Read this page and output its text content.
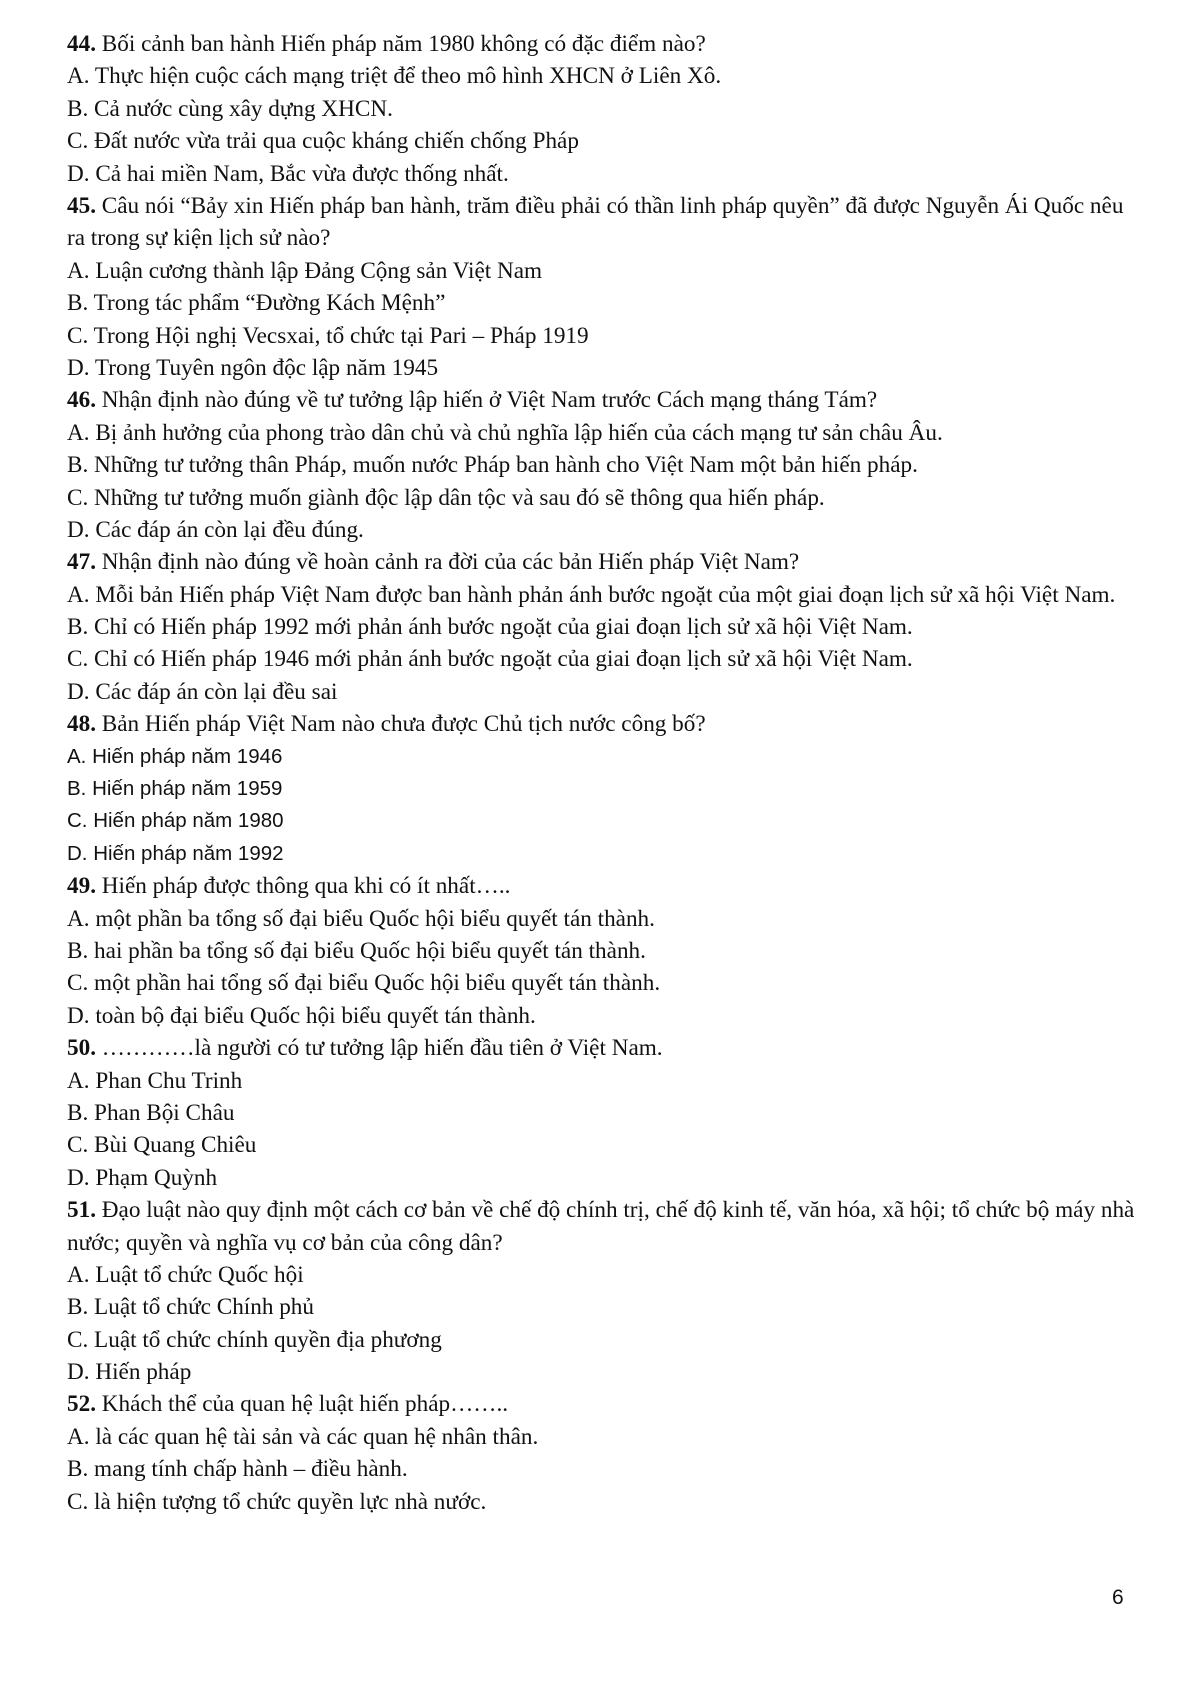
44. Bối cảnh ban hành Hiến pháp năm 1980 không có đặc điểm nào?
A. Thực hiện cuộc cách mạng triệt để theo mô hình XHCN ở Liên Xô.
B. Cả nước cùng xây dựng XHCN.
C. Đất nước vừa trải qua cuộc kháng chiến chống Pháp
D. Cả hai miền Nam, Bắc vừa được thống nhất.
45. Câu nói “Bảy xin Hiến pháp ban hành, trăm điều phải có thần linh pháp quyền” đã được Nguyễn Ái Quốc nêu ra trong sự kiện lịch sử nào?
A. Luận cương thành lập Đảng Cộng sản Việt Nam
B. Trong tác phẩm “Đường Kách Mệnh”
C. Trong Hội nghị Vecsxai, tổ chức tại Pari – Pháp 1919
D. Trong Tuyên ngôn độc lập năm 1945
46. Nhận định nào đúng về tư tưởng lập hiến ở Việt Nam trước Cách mạng tháng Tám?
A. Bị ảnh hưởng của phong trào dân chủ và chủ nghĩa lập hiến của cách mạng tư sản châu Âu.
B. Những tư tưởng thân Pháp, muốn nước Pháp ban hành cho Việt Nam một bản hiến pháp.
C. Những tư tưởng muốn giành độc lập dân tộc và sau đó sẽ thông qua hiến pháp.
D. Các đáp án còn lại đều đúng.
47. Nhận định nào đúng về hoàn cảnh ra đời của các bản Hiến pháp Việt Nam?
A. Mỗi bản Hiến pháp Việt Nam được ban hành phản ánh bước ngoặt của một giai đoạn lịch sử xã hội Việt Nam.
B. Chỉ có Hiến pháp 1992 mới phản ánh bước ngoặt của giai đoạn lịch sử xã hội Việt Nam.
C. Chỉ có Hiến pháp 1946 mới phản ánh bước ngoặt của giai đoạn lịch sử xã hội Việt Nam.
D. Các đáp án còn lại đều sai
48. Bản Hiến pháp Việt Nam nào chưa được Chủ tịch nước công bố?
A. Hiến pháp năm 1946
B. Hiến pháp năm 1959
C. Hiến pháp năm 1980
D. Hiến pháp năm 1992
49. Hiến pháp được thông qua khi có ít nhất…..
A. một phần ba tổng số đại biểu Quốc hội biểu quyết tán thành.
B. hai phần ba tổng số đại biểu Quốc hội biểu quyết tán thành.
C. một phần hai tổng số đại biểu Quốc hội biểu quyết tán thành.
D. toàn bộ đại biểu Quốc hội biểu quyết tán thành.
50. …………là người có tư tưởng lập hiến đầu tiên ở Việt Nam.
A. Phan Chu Trinh
B. Phan Bội Châu
C. Bùi Quang Chiêu
D. Phạm Quỳnh
51. Đạo luật nào quy định một cách cơ bản về chế độ chính trị, chế độ kinh tế, văn hóa, xã hội; tổ chức bộ máy nhà nước; quyền và nghĩa vụ cơ bản của công dân?
A. Luật tổ chức Quốc hội
B. Luật tổ chức Chính phủ
C. Luật tổ chức chính quyền địa phương
D. Hiến pháp
52. Khách thể của quan hệ luật hiến pháp……..
A. là các quan hệ tài sản và các quan hệ nhân thân.
B. mang tính chấp hành – điều hành.
C. là hiện tượng tổ chức quyền lực nhà nước.
6
